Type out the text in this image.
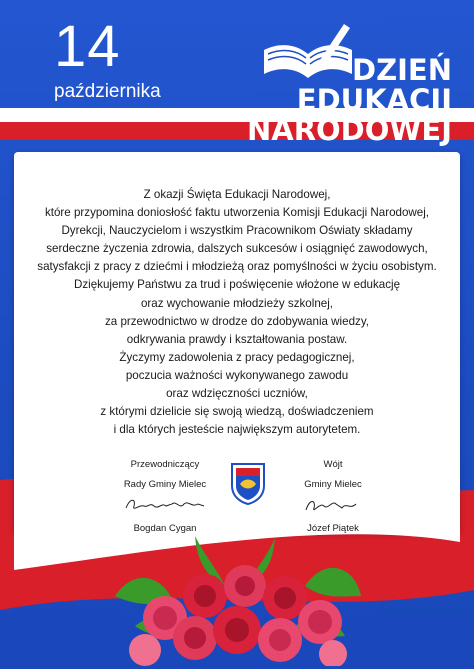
14
października
DZIEŃ
EDUKACJI
NARODOWEJ
Z okazji Święta Edukacji Narodowej,
które przypomina doniosłość faktu utworzenia Komisji Edukacji Narodowej,
Dyrekcji, Nauczycielom i wszystkim Pracownikom Oświaty składamy
serdeczne życzenia zdrowia, dalszych sukcesów i osiągnięć zawodowych,
satysfakcji z pracy z dziećmi i młodzieżą oraz pomyślności w życiu osobistym.
Dziękujemy Państwu za trud i poświęcenie włożone w edukację
oraz wychowanie młodzieży szkolnej,
za przewodnictwo w drodze do zdobywania wiedzy,
odkrywania prawdy i kształtowania postaw.
Życzymy zadowolenia z pracy pedagogicznej,
poczucia ważności wykonywanego zawodu
oraz wdzięczności uczniów,
z którymi dzielicie się swoją wiedzą, doświadczeniem
i dla których jesteście największym autorytetem.
Przewodniczący
Rady Gminy Mielec
Bogdan Cygan
Wójt
Gminy Mielec
Józef Piątek
